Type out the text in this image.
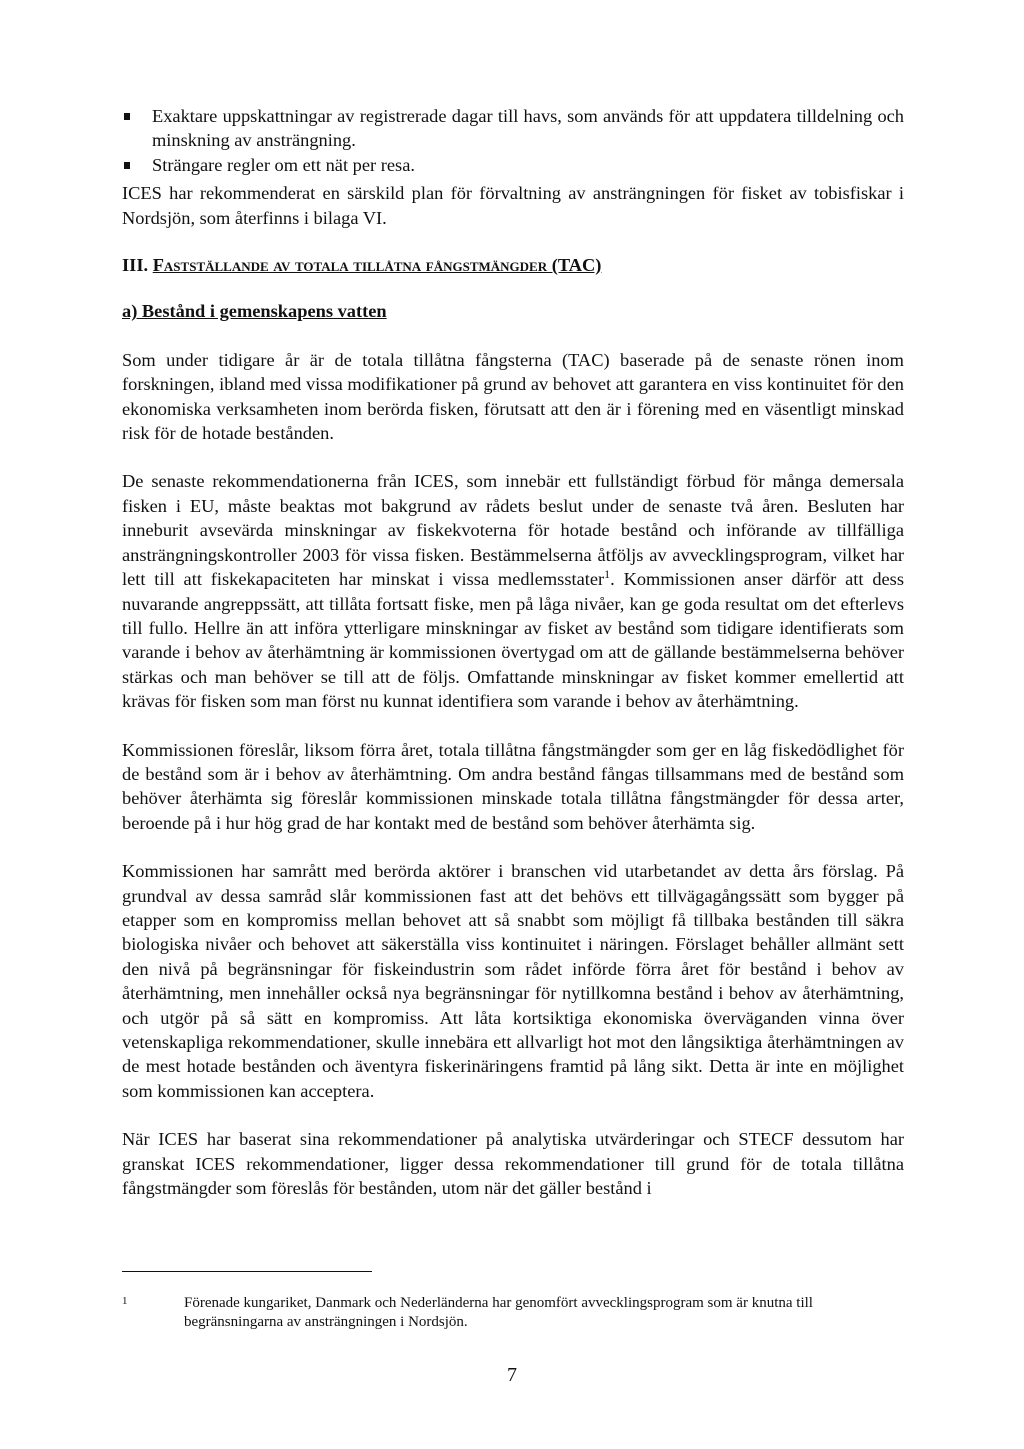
Exaktare uppskattningar av registrerade dagar till havs, som används för att uppdatera tilldelning och minskning av ansträngning.
Strängare regler om ett nät per resa.

ICES har rekommenderat en särskild plan för förvaltning av ansträngningen för fisket av tobisfiskar i Nordsjön, som återfinns i bilaga VI.

III. Fastställande av totala tillåtna fångstmängder (TAC)
a) Bestånd i gemenskapens vatten

Som under tidigare år är de totala tillåtna fångsterna (TAC) baserade på de senaste rönen inom forskningen, ibland med vissa modifikationer på grund av behovet att garantera en viss kontinuitet för den ekonomiska verksamheten inom berörda fisken, förutsatt att den är i förening med en väsentligt minskad risk för de hotade bestånden.

De senaste rekommendationerna från ICES, som innebär ett fullständigt förbud för många demersala fisken i EU, måste beaktas mot bakgrund av rådets beslut under de senaste två åren. Besluten har inneburit avsevärda minskningar av fiskekvoterna för hotade bestånd och införande av tillfälliga ansträngningskontroller 2003 för vissa fisken. Bestämmelserna åtföljs av avvecklingsprogram, vilket har lett till att fiskekapaciteten har minskat i vissa medlemsstater$^1$. Kommissionen anser därför att dess nuvarande angreppssätt, att tillåta fortsatt fiske, men på låga nivåer, kan ge goda resultat om det efterlevs till fullo. Hellre än att införa ytterligare minskningar av fisket av bestånd som tidigare identifierats som varande i behov av återhämtning är kommissionen övertygad om att de gällande bestämmelserna behöver stärkas och man behöver se till att de följs. Omfattande minskningar av fisket kommer emellertid att krävas för fisken som man först nu kunnat identifiera som varande i behov av återhämtning.

Kommissionen föreslår, liksom förra året, totala tillåtna fångstmängder som ger en låg fiskedödlighet för de bestånd som är i behov av återhämtning. Om andra bestånd fångas tillsammans med de bestånd som behöver återhämta sig föreslår kommissionen minskade totala tillåtna fångstmängder för dessa arter, beroende på i hur hög grad de har kontakt med de bestånd som behöver återhämta sig.

Kommissionen har samrått med berörda aktörer i branschen vid utarbetandet av detta års förslag. På grundval av dessa samråd slår kommissionen fast att det behövs ett tillvägagångssätt som bygger på etapper som en kompromiss mellan behovet att så snabbt som möjligt få tillbaka bestånden till säkra biologiska nivåer och behovet att säkerställa viss kontinuitet i näringen. Förslaget behåller allmänt sett den nivå på begränsningar för fiskeindustrin som rådet införde förra året för bestånd i behov av återhämtning, men innehåller också nya begränsningar för nytillkomna bestånd i behov av återhämtning, och utgör på så sätt en kompromiss. Att låta kortsiktiga ekonomiska överväganden vinna över vetenskapliga rekommendationer, skulle innebära ett allvarligt hot mot den långsiktiga återhämtningen av de mest hotade bestånden och äventyra fiskerinäringens framtid på lång sikt. Detta är inte en möjlighet som kommissionen kan acceptera.

När ICES har baserat sina rekommendationer på analytiska utvärderingar och STECF dessutom har granskat ICES rekommendationer, ligger dessa rekommendationer till grund för de totala tillåtna fångstmängder som föreslås för bestånden, utom när det gäller bestånd i

1	Förenade kungariket, Danmark och Nederländerna har genomfört avvecklingsprogram som är knutna till begränsningarna av ansträngningen i Nordsjön.
7
